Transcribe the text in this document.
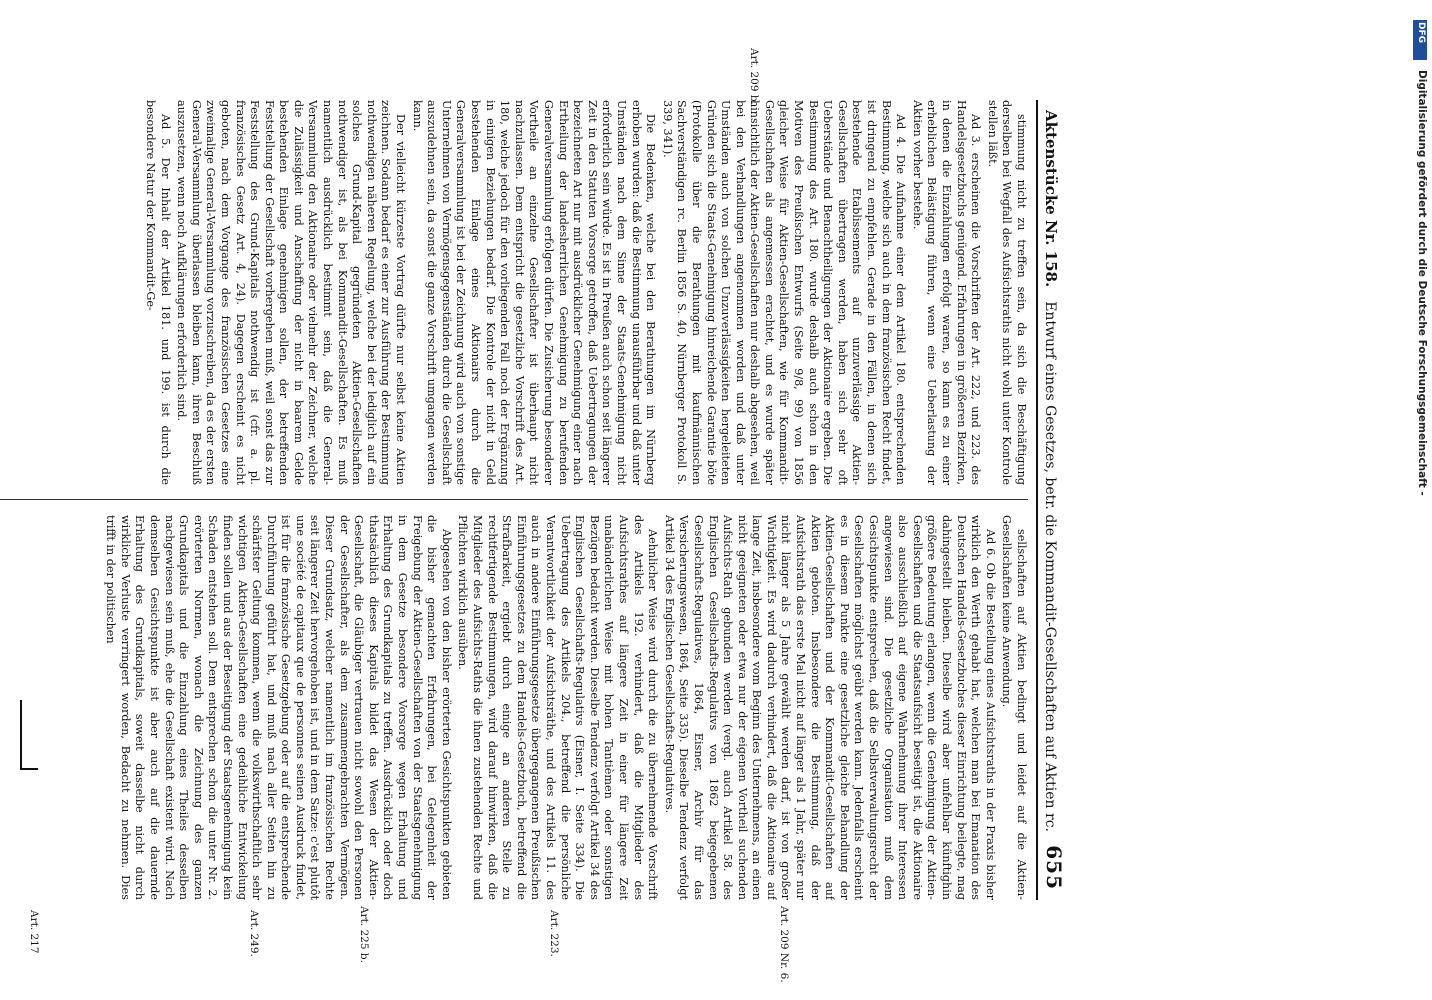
Aktenstücke Nr. 158.
Entwurf eines Gesetzes, betr. die Kommandit-Gesellschaften auf Aktien rc.
655

stimmung nicht zu treffen sein, da sich die Beschäftigung derselben bei Wegfall des Aufsichtsraths nicht wohl unter Kontrole stellen läßt.

Ad 3. erscheinen die Vorschriften der Art. 222, und 223. des Handelsgesetzbuchs genügend. Erfahrungen in größeren Bezirken, in denen die Einzahlungen erfolgt waren, so kann es zu einer erheblichen Belästigung führen, wenn eine Ueberlastung der Aktien vorher bestehe.

Ad 4. Die Aufnahme einer dem Artikel 180. entsprechenden Bestimmung, welche sich auch in dem französischen Recht findet, ist dringend zu empfehlen. Gerade in den Fällen, in denen sich bestehende Etablissements auf unzuverlässige Aktien-Gesellschaften übertragen werden, haben sich sehr oft Ueberstände und Benachtheiligungen der Aktionaire ergeben. Die Bestimmung des Art. 180. wurde deshalb auch schon in den Motiven des Preußischen Entwurfs (Seite 9/8, 99) von 1856 gleicher Weise für Aktien-Gesellschaften, wie für Kommandit-Gesellschaften als angemessen erachtet, und es wurde später hinsichtlich der Aktien-Gesellschaften nur deshalb abgesehen, weil bei den Verhandlungen angenommen worden und daß unter Umständen auch von solchen Unzuverlässigkeiten hergeleiteten Gründen sich die Staats-Genehmigung hinreichende Garantie böte (Protokolle über die Berathungen mit kaufmännischen Sachverständigen rc. Berlin 1856 S. 40, Nürnberger Protokoll S. 339, 341).

Die Bedenken, welche bei den Berathungen im Nürnberg erhoben wurden: daß die Bestimmung unausführbar und daß unter Umständen nach dem Sinne der Staats-Genehmigung nicht erforderlich sein würde. Es ist in Preußen auch schon seit längerer Zeit in den Statuten Vorsorge getroffen, daß Uebertragungen der bezeichneten Art nur mit ausdrücklicher Genehmigung einer nach Ertheilung der landesherrlichen Genehmigung zu berufenden Generalversammlung erfolgen dürfen. Die Zusicherung besonderer Vortheile an einzelne Gesellschafter ist überhaupt nicht nachzulassen. Dem entspricht die gesetzliche Vorschrift des Art. 180, welche jedoch für den vorliegenden Fall noch der Ergänzung in einigen Beziehungen bedarf. Die Kontrole der nicht in Geld bestehenden Einlage eines Aktionairs durch die Generalversammlung ist bei der Zeichnung wird auch von sonstige Unternehmen von Vermögensgegenständen durch die Gesellschaft auszudehnen sein, da sonst die ganze Vorschrift umgangen werden kann.

Der vielleicht kürzeste Vortrag dürfte nur selbst keine Aktien zeichnen. Sodann bedarf es einer zur Ausführung der Bestimmung nothwendigen näheren Regelung, welche bei der lediglich auf ein solches Grund-Kapital gegründeten Aktien-Gesellschaften nothwendiger ist, als bei Kommandit-Gesellschaften. Es muß namentlich ausdrücklich bestimmt sein, daß die General-Versammlung den Aktionaire oder vielmehr der Zeichner, welche die Zulässigkeit und Anschaffung der nicht in baarem Gelde bestehenden Einlage genehmigen sollen, der betreffenden Feststellung der Gesellschaft vorhergehen muß, weil sonst das zur Feststellung des Grund-Kapitals nothwendig ist (cfr. a. pl. französisches Gesetz Art. 4, 24). Dagegen erscheint es nicht geboten, nach dem Vorgange des französischen Gesetzes eine zweimalige General-Versammlung vorzuschreiben, da es der ersten General-Versammlung überlassen bleiben kann, ihren Beschluß auszusetzen, wenn noch Aufklärungen erforderlich sind.

Ad 5. Der Inhalt der Artikel 181. und 199. ist durch die besondere Natur der Kommandit-Ge-

sellschaften auf Aktien bedingt und leidet auf die Aktien-Gesellschaften keine Anwendung.

Ad 6. Ob die Bestellung eines Aufsichtsraths in der Praxis bisher wirklich den Werth gehabt hat, welchen man bei Emanation des Deutschen Handels-Gesetzbuches dieser Einrichtung beilegte, mag dahingestellt bleiben. Dieselbe wird aber unfehlbar künftighin größere Bedeutung erlangen, wenn die Genehmigung der Aktien-Gesellschaften und die Staatsaufsicht beseitigt ist, die Aktionaire also ausschließlich auf eigene Wahrnehmung ihrer Interessen angewiesen sind. Die gesetzliche Organisation muß dem Gesichtspunkte entsprechen, daß die Selbstverwaltungsrecht der Gesellschaften möglichst geübt werden kann. Jedenfalls erscheint es in diesem Punkte eine gesetzliche gleiche Behandlung der Aktien-Gesellschaften und der Kommandit-Gesellschaften auf Aktien geboten. Insbesondere die Bestimmung, daß der Aufsichtsrath das erste Mal nicht auf länger als 1 Jahr, später nur nicht länger als 5 Jahre gewählt werden darf, ist von großer Wichtigkeit. Es wird dadurch verhindert, daß die Aktionaire auf lange Zeit, insbesondere vom Beginn des Unternehmens, an einen nicht geeigneten oder etwa nur der eigenen Vortheil suchenden Aufsichts-Rath gebunden werden (vergl. auch Artikel 58. des Englischen Gesellschafts-Regulativs von 1862 beigegebenen Gesellschafts-Regulatives, 1864, Eisner, Archiv für das Versicherungswesen, 1864, Seite 335). Dieselbe Tendenz verfolgt Artikel 34 des Englischen Gesellschafts-Regulatives.

Aehnlicher Weise wird durch die zu übernehmende Vorschrift des Artikels 192. verhindert, daß die Mitglieder des Aufsichtsrathes auf längere Zeit in einer für längere Zeit unabänderlichen Weise mit hohen Tantièmen oder sonstigen Bezügen bedacht werden. Dieselbe Tendenz verfolgt Artikel 34 des Englischen Gesellschafts-Regulativs (Eisner, I. Seite 334). Die Uebertragung des Artikels 204., betreffend die persönliche Verantwortlichkeit der Aufsichtsräthe, und des Artikels 11. des auch in andere Einführungsgesetze übergegangenen Preußischen Einführungsgesetzes zu dem Handels-Gesetzbuch, betreffend die Strafbarkeit, ergiebt durch einige an anderen Stelle zu rechtfertigende Bestimmungen, wird darauf hinwirken, daß die Mitglieder des Aufsichts-Raths die ihnen zustehenden Rechte und Pflichten wirklich ausüben.

Abgesehen von den bisher erörterten Gesichtspunkten gebieten die bisher gemachten Erfahrungen, bei Gelegenheit der Freigebung der Aktien-Gesellschaften von der Staatsgenehmigung in dem Gesetze besondere Vorsorge wegen Erhaltung und Erhaltung des Grundkapitals zu treffen. Ausdrücklich oder doch thatsächlich dieses Kapitals bildet das Wesen der Aktien-Gesellschaft, die Gläubiger vertrauen nicht sowohl den Personen der Gesellschafter, als dem zusammengebrachten Vermögen. Dieser Grundsatz, welcher namentlich im französischen Rechte seit längerer Zeit hervorgehoben ist, und in dem Satze: c'est plutôt une société de capitaux que de personnes seinen Ausdruck findet, ist für die französische Gesetzgebung oder auf die entsprechende Durchführung geführt hat, und muß nach aller Seiten hin zu schärfster Geltung kommen, wenn die volkswirthschaftlich sehr wichtigen Aktien-Gesellschaften eine gedeihliche Entwickelung finden sollen und aus der Beseitigung der Staatsgenehmigung kein Schaden entstehen soll. Dem entsprechen schon die unter Nr. 2. erörterten Normen, wonach die Zeichnung des ganzen Grundkapitals und die Einzahlung eines Theiles desselben nachgewiesen sein muß, ehe die Gesellschaft existent wird. Nach demselben Gesichtspunkte ist aber auch auf die dauernde Erhaltung des Grundkapitals, soweit dasselbe nicht durch wirkliche Verluste verringert worden, Bedacht zu nehmen. Dies trifft in der politischen

Art. 209 b.
Art. 209 Nr. 6.
Art. 223.
Art. 225 b.
Art. 249.
Art. 217
DFG
Digitalisierung gefördert durch die Deutsche Forschungsgemeinschaft -
